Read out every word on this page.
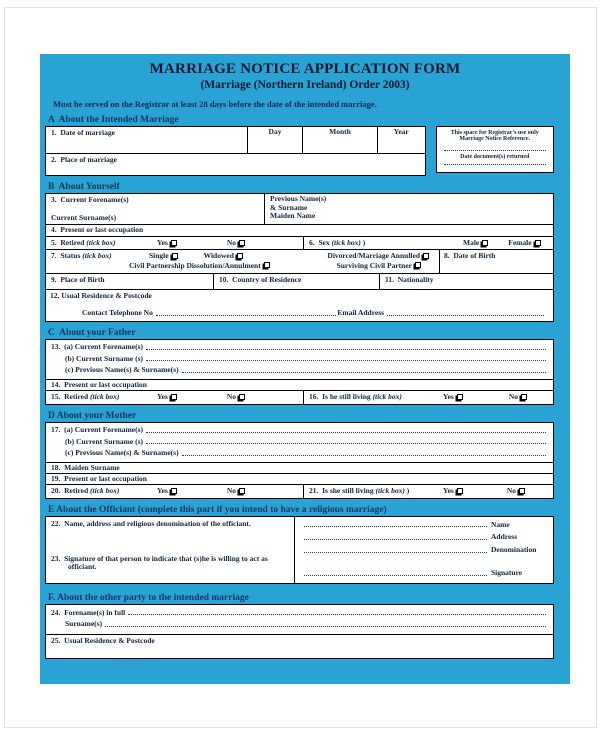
MARRIAGE NOTICE APPLICATION FORM
(Marriage (Northern Ireland) Order 2003)
Must be served on the Registrar at least 28 days before the date of the intended marriage.
A  About the Intended Marriage
1.  Date of marriage	Day	Month	Year
2.  Place of marriage
This space for Registrar's use only
Marriage Notice Reference.
Date document(s) returned
B  About Yourself
3.  Current Forename(s)
Current Surname(s)
Previous Name(s)
& Surname
Maiden Name
4.  Present or last occupation
5.  Retired (tick box)	Yes	No	6.  Sex (tick box) )	Male	Female
7.  Status (tick box)	Single	Widowed	Divorced/Marriage Annulled
Civil Partnership Dissolution/Annulment	Surviving Civil Partner
8.  Date of Birth
9.  Place of Birth	10.  Country of Residence	11.  Nationality
12. Usual Residence & Postcode
Contact Telephone No	Email Address
C  About your Father
13.  (a) Current Forename(s)
(b) Current Surname (s)
(c) Previous Name(s) & Surname(s)
14.  Present or last occupation
15.  Retired (tick box)	Yes	No	16.  Is he still living (tick box)	Yes	No
D About your Mother
17.  (a) Current Forename(s)
(b) Current Surname (s)
(c) Previous Name(s) & Surname(s)
18.  Maiden Surname
19.  Present or last occupation
20.  Retired (tick box)	Yes	No	21.  Is she still living (tick box) )	Yes	No
E About the Officiant (complete this part if you intend to have a religious marriage)
22.  Name, address and religious denomination of the officiant.
23.  Signature of that person to indicate that (s)he is willing to act as officiant.
Name
Address
Denomination
Signature
F. About the other party to the intended marriage
24.  Forename(s) in full
Surname(s)
25.  Usual Residence & Postcode
